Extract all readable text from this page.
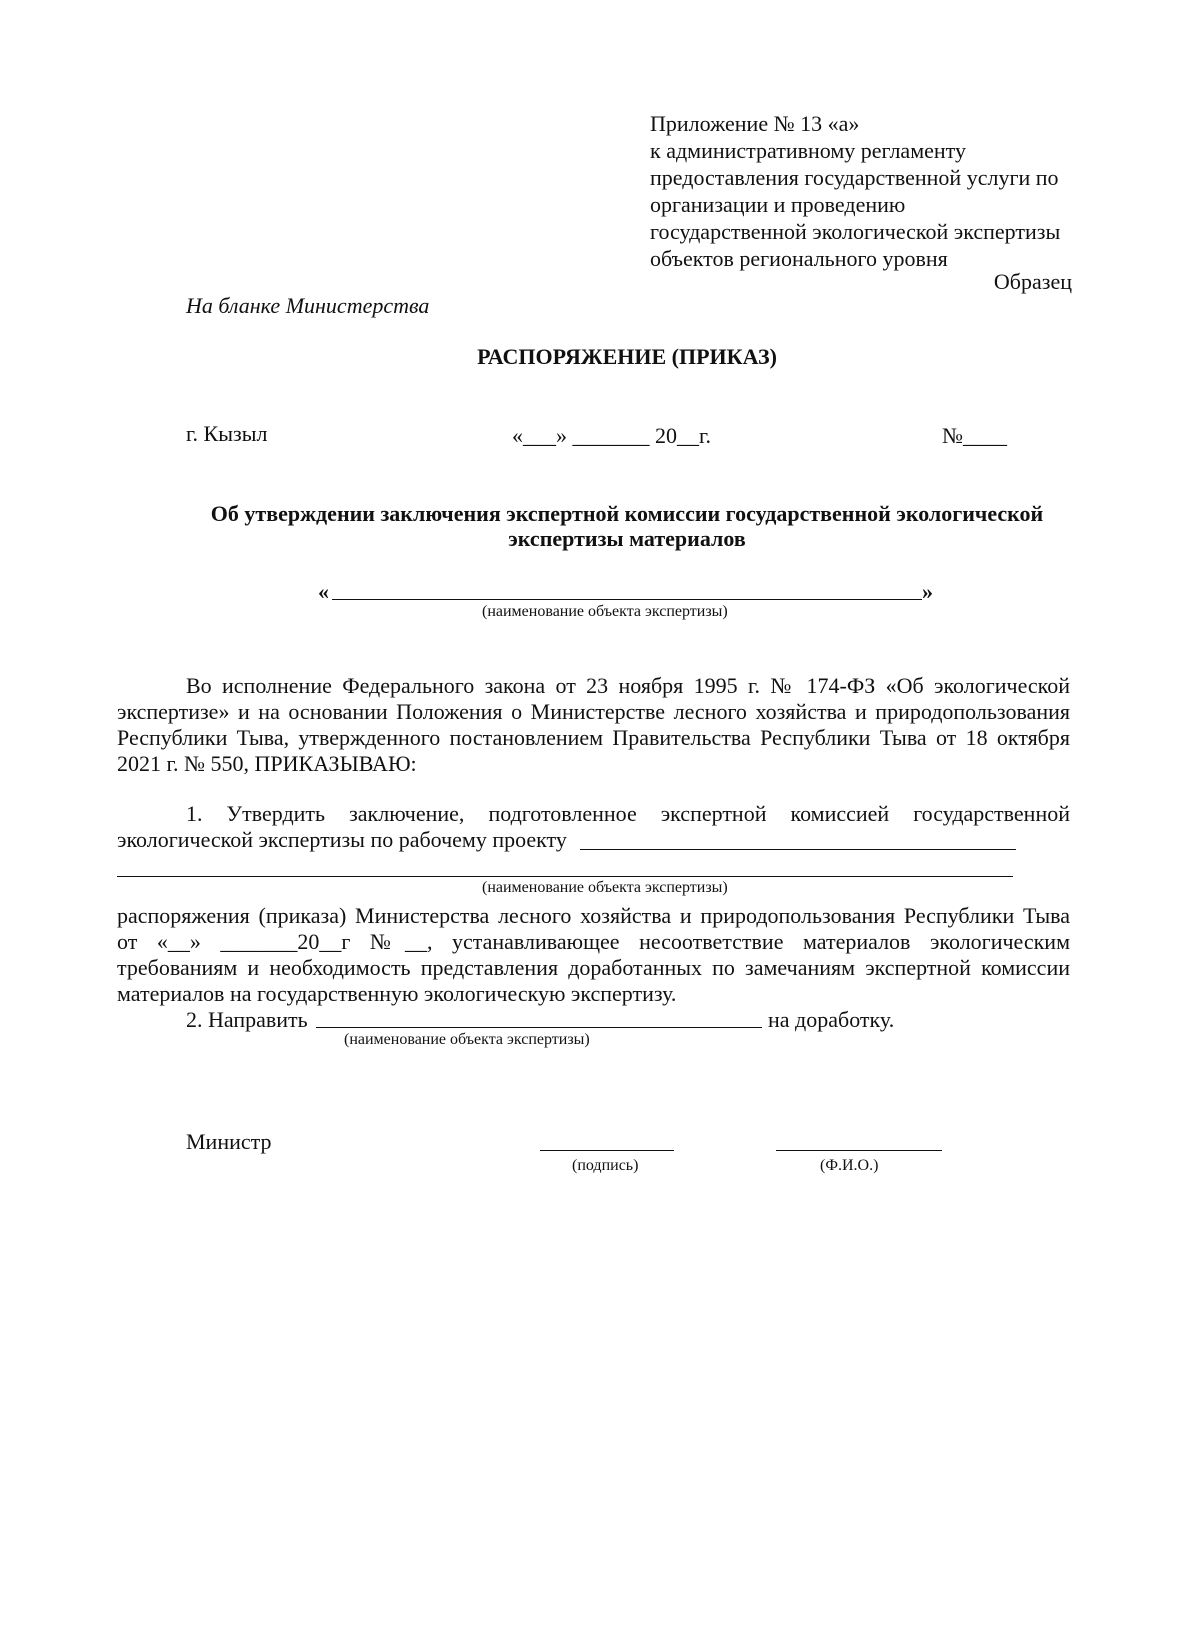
Приложение № 13 «а»
к административному регламенту
предоставления государственной услуги по
организации и проведению
государственной экологической экспертизы
объектов регионального уровня
Образец
На бланке Министерства
РАСПОРЯЖЕНИЕ (ПРИКАЗ)
г. Кызыл	«___» _______ 20__г.	№____
Об утверждении заключения экспертной комиссии государственной экологической
экспертизы материалов
«	»
(наименование объекта экспертизы)
Во исполнение Федерального закона от 23 ноября 1995 г. № 174-ФЗ «Об экологической
экспертизе» и на основании Положения о Министерстве лесного хозяйства и природопользования
Республики Тыва, утвержденного постановлением Правительства Республики Тыва от 18 октября
2021 г. № 550, ПРИКАЗЫВАЮ:
1. Утвердить заключение, подготовленное экспертной комиссией государственной
экологической экспертизы по рабочему проекту
(наименование объекта экспертизы)
распоряжения (приказа) Министерства лесного хозяйства и природопользования Республики Тыва
от «__» _______20__г №__, устанавливающее несоответствие материалов экологическим
требованиям и необходимость представления доработанных по замечаниям экспертной комиссии
материалов на государственную экологическую экспертизу.
2. Направить	на доработку.
(наименование объекта экспертизы)
Министр
(подпись)	(Ф.И.О.)
